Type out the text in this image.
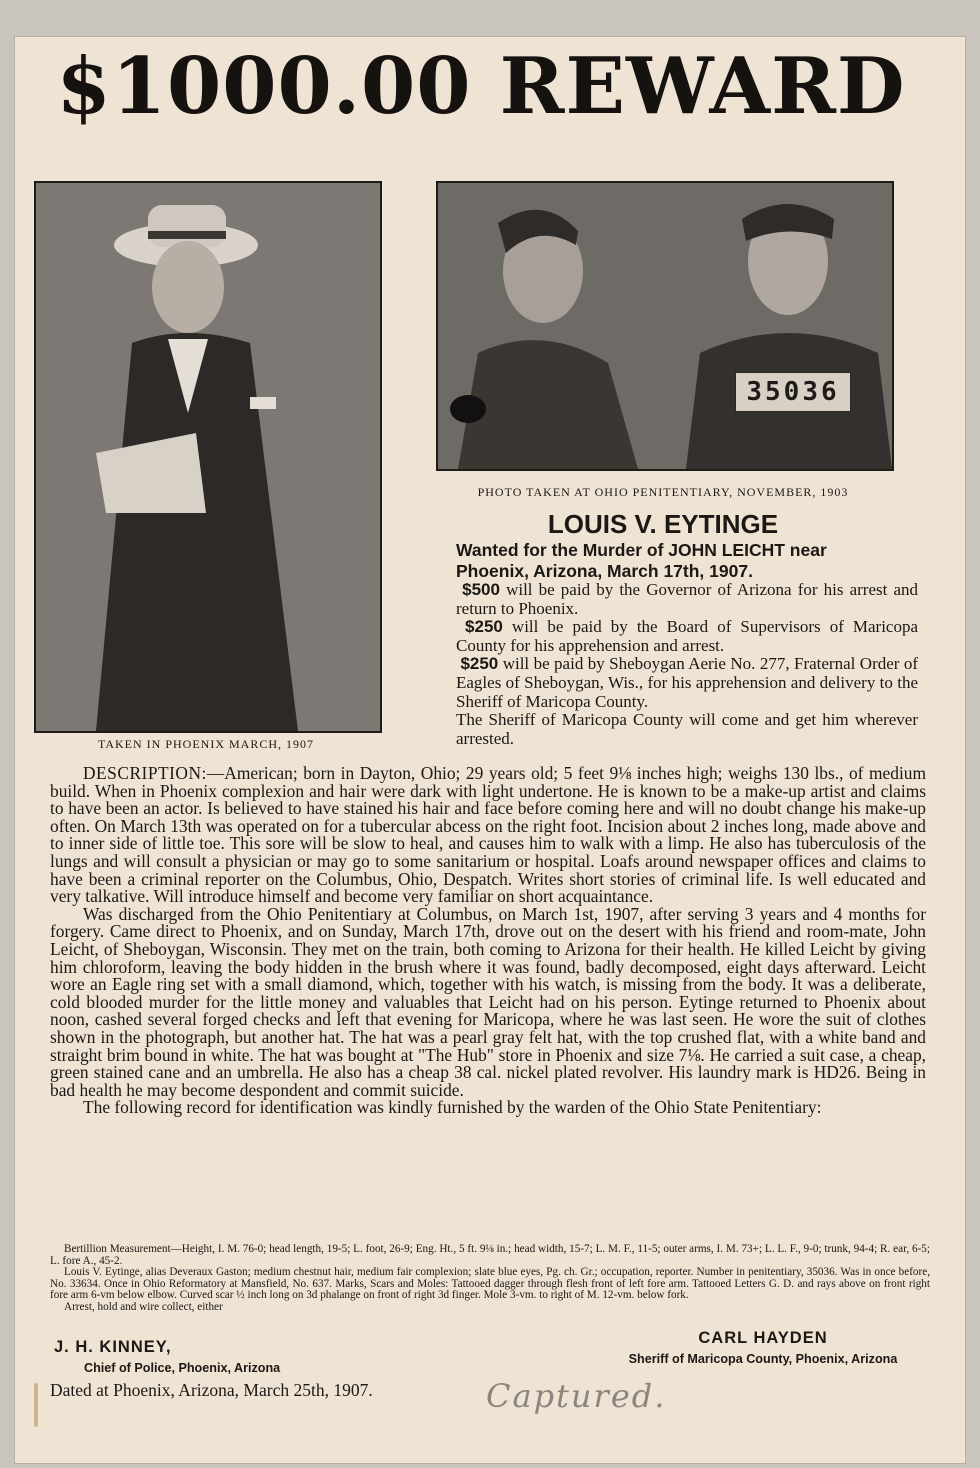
$1000.00 REWARD
35036
PHOTO TAKEN AT OHIO PENITENTIARY, NOVEMBER, 1903
TAKEN IN PHOENIX MARCH, 1907
LOUIS V. EYTINGE

Wanted for the Murder of JOHN LEICHT near

Phoenix, Arizona, March 17th, 1907.

$500 will be paid by the Governor of Arizona for his arrest and return to Phoenix.

$250 will be paid by the Board of Supervisors of Maricopa County for his apprehension and arrest.

$250 will be paid by Sheboygan Aerie No. 277, Fraternal Order of Eagles of Sheboygan, Wis., for his apprehension and delivery to the Sheriff of Maricopa County.

The Sheriff of Maricopa County will come and get him wherever arrested.

DESCRIPTION:—American; born in Dayton, Ohio; 29 years old; 5 feet 9⅛ inches high; weighs 130 lbs., of medium build. When in Phoenix complexion and hair were dark with light undertone. He is known to be a make-up artist and claims to have been an actor. Is believed to have stained his hair and face before coming here and will no doubt change his make-up often. On March 13th was operated on for a tubercular abcess on the right foot. Incision about 2 inches long, made above and to inner side of little toe. This sore will be slow to heal, and causes him to walk with a limp. He also has tuberculosis of the lungs and will consult a physician or may go to some sanitarium or hospital. Loafs around newspaper offices and claims to have been a criminal reporter on the Columbus, Ohio, Despatch. Writes short stories of criminal life. Is well educated and very talkative. Will introduce himself and become very familiar on short acquaintance.

Was discharged from the Ohio Penitentiary at Columbus, on March 1st, 1907, after serving 3 years and 4 months for forgery. Came direct to Phoenix, and on Sunday, March 17th, drove out on the desert with his friend and room-mate, John Leicht, of Sheboygan, Wisconsin. They met on the train, both coming to Arizona for their health. He killed Leicht by giving him chloroform, leaving the body hidden in the brush where it was found, badly decomposed, eight days afterward. Leicht wore an Eagle ring set with a small diamond, which, together with his watch, is missing from the body. It was a deliberate, cold blooded murder for the little money and valuables that Leicht had on his person. Eytinge returned to Phoenix about noon, cashed several forged checks and left that evening for Maricopa, where he was last seen. He wore the suit of clothes shown in the photograph, but another hat. The hat was a pearl gray felt hat, with the top crushed flat, with a white band and straight brim bound in white. The hat was bought at "The Hub" store in Phoenix and size 7⅛. He carried a suit case, a cheap, green stained cane and an umbrella. He also has a cheap 38 cal. nickel plated revolver. His laundry mark is HD26. Being in bad health he may become despondent and commit suicide.

The following record for identification was kindly furnished by the warden of the Ohio State Penitentiary:

Bertillion Measurement—Height, I. M. 76-0; head length, 19-5; L. foot, 26-9; Eng. Ht., 5 ft. 9⅛ in.; head width, 15-7; L. M. F., 11-5; outer arms, I. M. 73+; L. L. F., 9-0; trunk, 94-4; R. ear, 6-5; L. fore A., 45-2.

Louis V. Eytinge, alias Deveraux Gaston; medium chestnut hair, medium fair complexion; slate blue eyes, Pg. ch. Gr.; occupation, reporter. Number in penitentiary, 35036. Was in once before, No. 33634. Once in Ohio Reformatory at Mansfield, No. 637. Marks, Scars and Moles: Tattooed dagger through flesh front of left fore arm. Tattooed Letters G. D. and rays above on front right fore arm 6-vm below elbow. Curved scar ½ inch long on 3d phalange on front of right 3d finger. Mole 3-vm. to right of M. 12-vm. below fork.

Arrest, hold and wire collect, either

J. H. KINNEY,
Chief of Police, Phoenix, Arizona
CARL HAYDEN
Sheriff of Maricopa County, Phoenix, Arizona
Dated at Phoenix, Arizona, March 25th, 1907.	Captured.
